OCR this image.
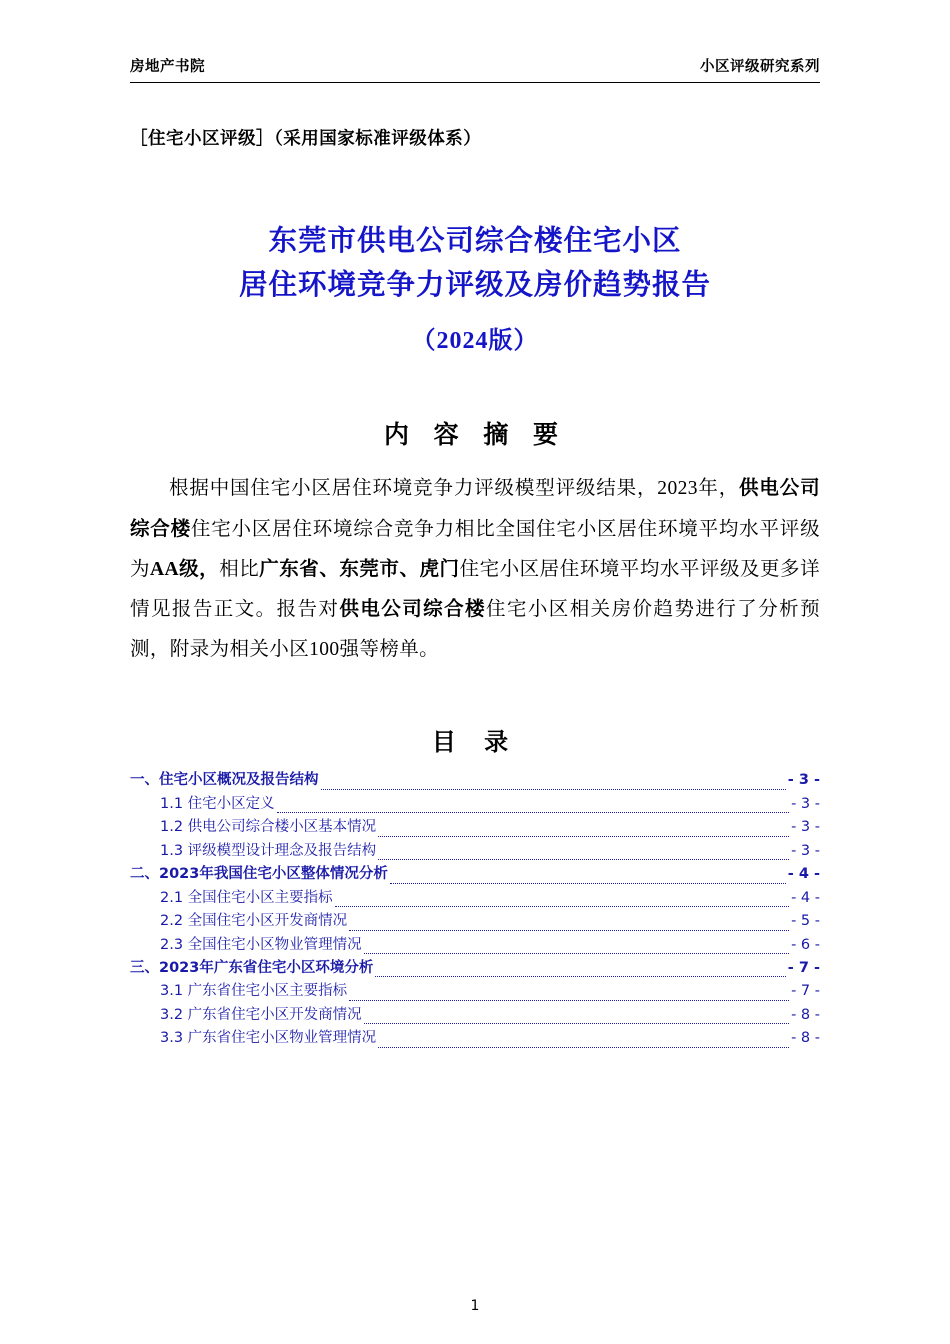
房地产书院	小区评级研究系列
［住宅小区评级］（采用国家标准评级体系）
东莞市供电公司综合楼住宅小区
居住环境竞争力评级及房价趋势报告
（2024版）
内 容 摘 要
根据中国住宅小区居住环境竞争力评级模型评级结果，2023年，供电公司综合楼住宅小区居住环境综合竞争力相比全国住宅小区居住环境平均水平评级为AA级，相比广东省、东莞市、虎门住宅小区居住环境平均水平评级及更多详情见报告正文。报告对供电公司综合楼住宅小区相关房价趋势进行了分析预测，附录为相关小区100强等榜单。
目 录
一、住宅小区概况及报告结构	- 3 -
1.1 住宅小区定义	- 3 -
1.2 供电公司综合楼小区基本情况	- 3 -
1.3 评级模型设计理念及报告结构	- 3 -
二、2023年我国住宅小区整体情况分析	- 4 -
2.1 全国住宅小区主要指标	- 4 -
2.2 全国住宅小区开发商情况	- 5 -
2.3 全国住宅小区物业管理情况	- 6 -
三、2023年广东省住宅小区环境分析	- 7 -
3.1 广东省住宅小区主要指标	- 7 -
3.2 广东省住宅小区开发商情况	- 8 -
3.3 广东省住宅小区物业管理情况	- 8 -
1
